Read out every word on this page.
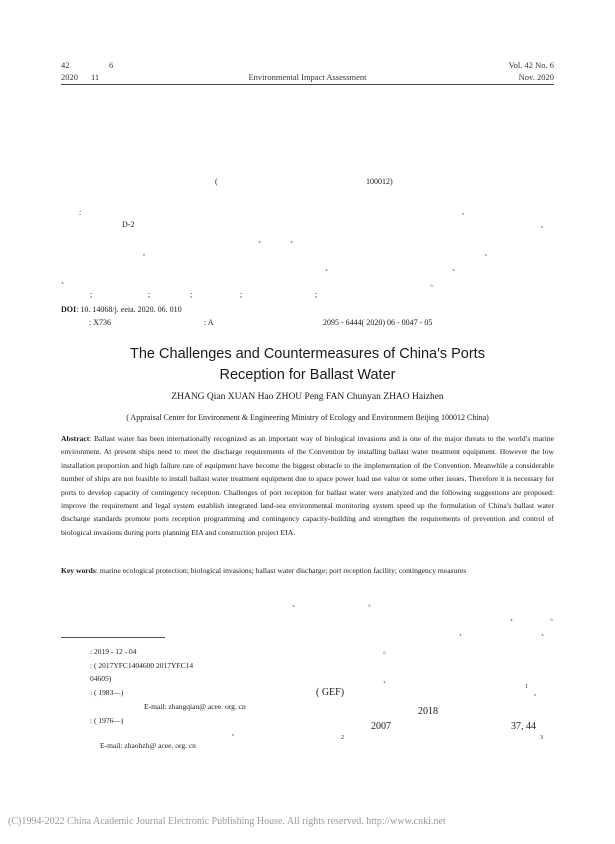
42	6
2020 11	Environmental Impact Assessment
Vol. 42 No. 6
Nov. 2020
(	100012)
:	,
D-2	,
、	、
,	,
、	、
、	。
;	;	;	;	;
DOI: 10. 14068/j. eeia. 2020. 06. 010
: X736	: A	2095 - 6444( 2020) 06 - 0047 - 05
The Challenges and Countermeasures of China′s Ports
Reception for Ballast Water
ZHANG Qian XUAN Hao ZHOU Peng FAN Chunyan ZHAO Haizhen
( Appraisal Center for Environment & Engineering Ministry of Ecology and Environment Beijing 100012 China)
Abstract: Ballast water has been internationally recognized as an important way of biological invasions and is one of the major threats to the world′s marine environment. At present ships need to meet the discharge requirements of the Convention by installing ballast water treatment equipment. However the low installation proportion and high failure rate of equipment have become the biggest obstacle to the implementation of the Convention. Meanwhile a considerable number of ships are not feasible to install ballast water treatment equipment due to space power load use value or some other issues. Therefore it is necessary for ports to develop capacity of contingency reception. Challenges of port reception for ballast water were analyzed and the following suggestions are proposed: improve the requirement and legal system establish integrated land-sea environmental monitoring system speed up the formulation of China′s ballast water discharge standards promote ports reception programming and contingency capacity-building and strengthen the requirements of prevention and control of biological invasions during ports planning EIA and construction project EIA.
Key words: marine ecological protection; biological invasions; ballast water discharge; port reception facility; contingency measures
、	。
、	。
、	、
。
、
: 2019 - 12 - 04
: ( 2017YFC1404600 2017YFC14
04605)
: ( 1983—)
E-mail: zhangqian@ acee. org. cn
: ( 1976—)
,
E-mail: zhaohzh@ acee. org. cn
( GEF)	1
,
2018
2007	37, 44
2	3
(C)1994-2022 China Academic Journal Electronic Publishing House. All rights reserved. http://www.cnki.net
